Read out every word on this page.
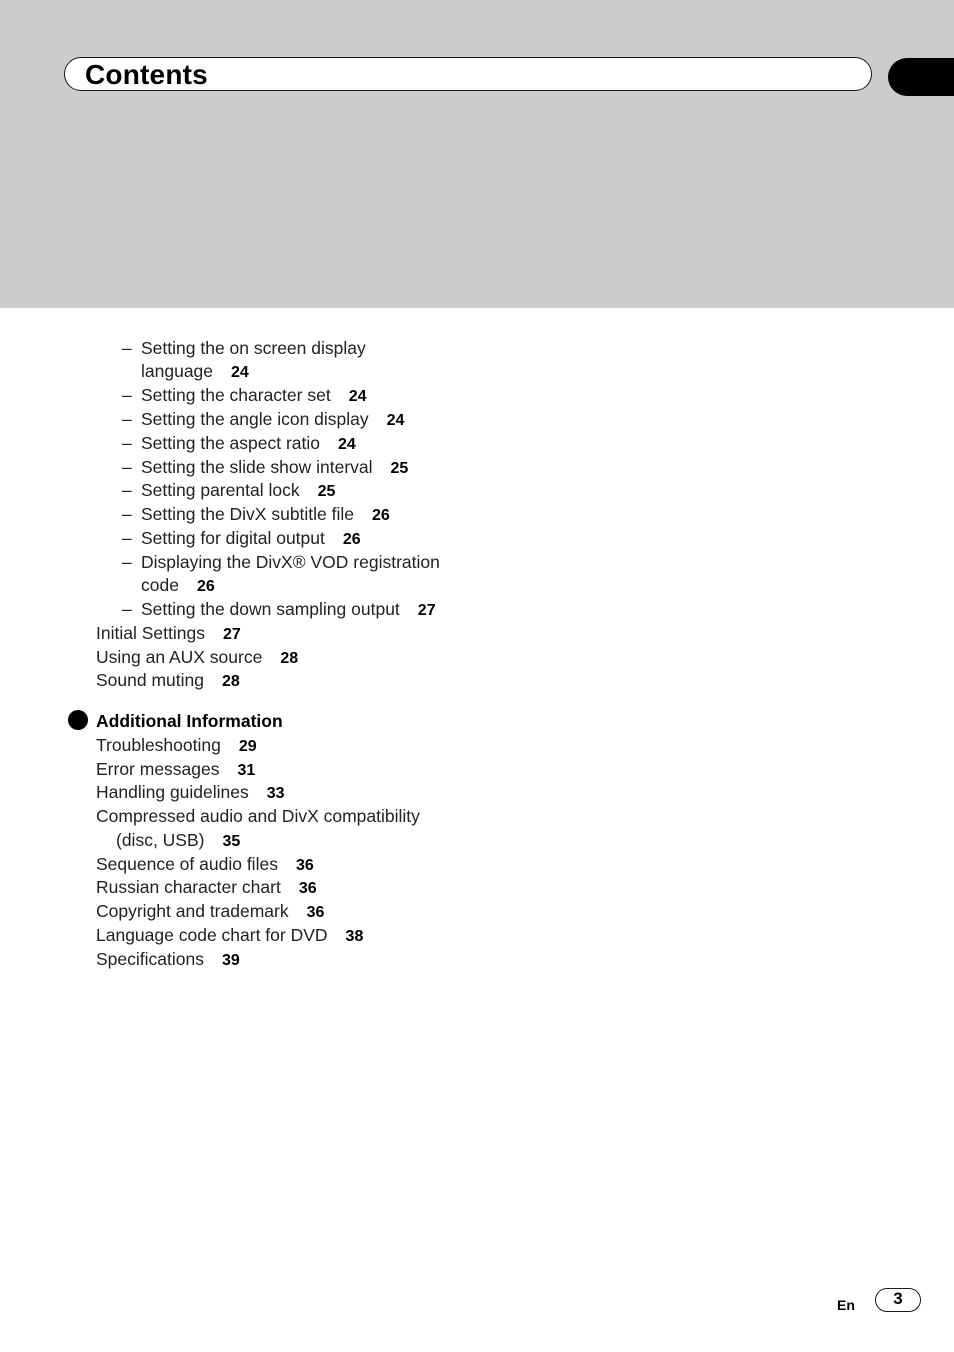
Contents
– Setting the on screen display
language 24
– Setting the character set 24
– Setting the angle icon display 24
– Setting the aspect ratio 24
– Setting the slide show interval 25
– Setting parental lock 25
– Setting the DivX subtitle file 26
– Setting for digital output 26
– Displaying the DivX® VOD registration
code 26
– Setting the down sampling output 27
Initial Settings 27
Using an AUX source 28
Sound muting 28
Additional Information
Troubleshooting 29
Error messages 31
Handling guidelines 33
Compressed audio and DivX compatibility
(disc, USB) 35
Sequence of audio files 36
Russian character chart 36
Copyright and trademark 36
Language code chart for DVD 38
Specifications 39
En	3
